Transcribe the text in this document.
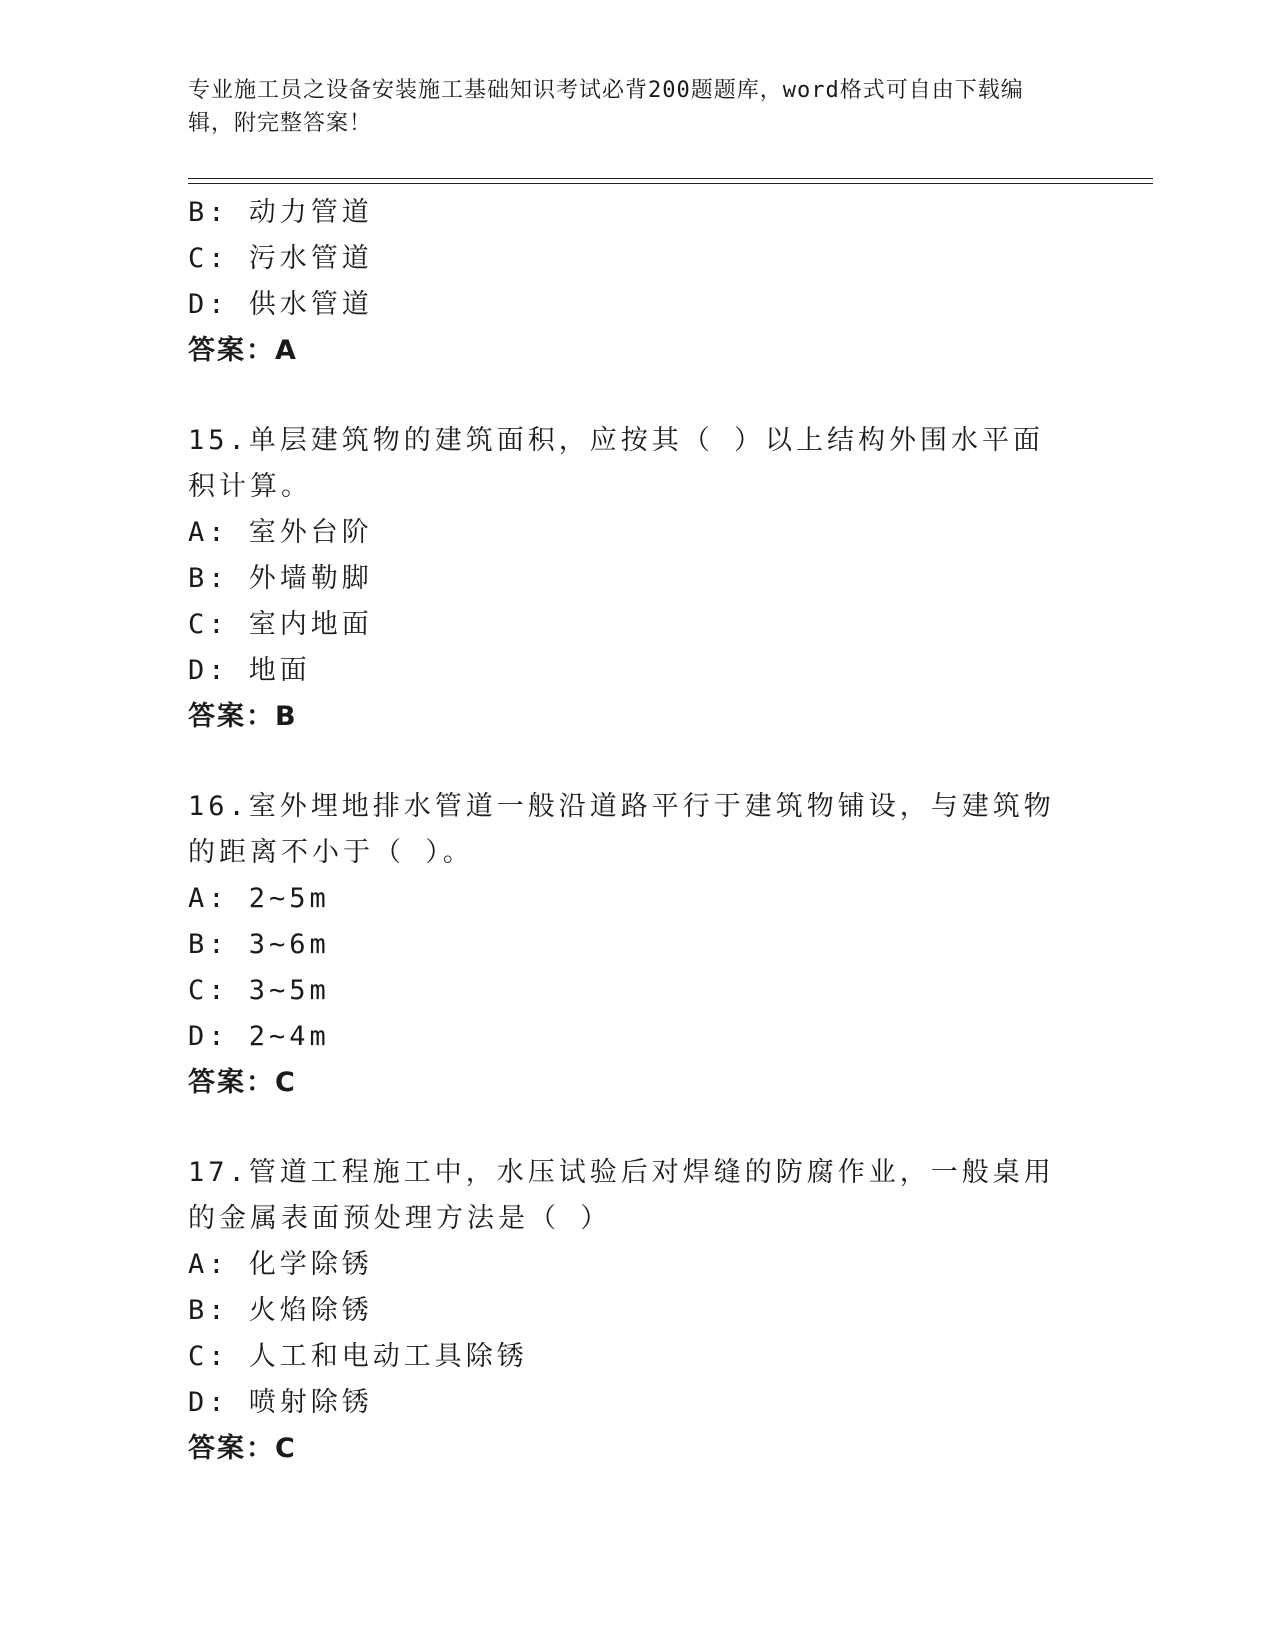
专业施工员之设备安装施工基础知识考试必背200题题库，word格式可自由下载编辑，附完整答案！
B: 动力管道
C: 污水管道
D: 供水管道
答案：A
15.单层建筑物的建筑面积，应按其（ ）以上结构外围水平面积计算。
A: 室外台阶
B: 外墙勒脚
C: 室内地面
D: 地面
答案：B
16.室外埋地排水管道一般沿道路平行于建筑物铺设，与建筑物的距离不小于（ ）。
A: 2~5m
B: 3~6m
C: 3~5m
D: 2~4m
答案：C
17.管道工程施工中，水压试验后对焊缝的防腐作业，一般桌用的金属表面预处理方法是（ ）
A: 化学除锈
B: 火焰除锈
C: 人工和电动工具除锈
D: 喷射除锈
答案：C
